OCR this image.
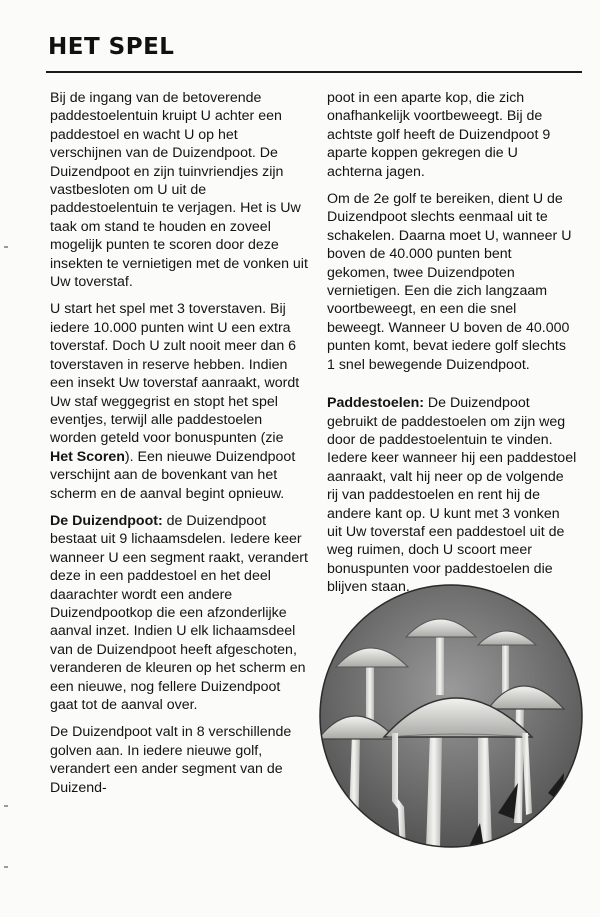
HET SPEL

Bij de ingang van de betoverende paddestoelentuin kruipt U achter een paddestoel en wacht U op het verschijnen van de Duizendpoot. De Duizendpoot en zijn tuinvriendjes zijn vastbesloten om U uit de paddestoelentuin te verjagen. Het is Uw taak om stand te houden en zoveel mogelijk punten te scoren door deze insekten te vernietigen met de vonken uit Uw toverstaf.

U start het spel met 3 toverstaven. Bij iedere 10.000 punten wint U een extra toverstaf. Doch U zult nooit meer dan 6 toverstaven in reserve hebben. Indien een insekt Uw toverstaf aanraakt, wordt Uw staf weggegrist en stopt het spel eventjes, terwijl alle paddestoelen worden geteld voor bonuspunten (zie Het Scoren). Een nieuwe Duizendpoot verschijnt aan de bovenkant van het scherm en de aanval begint opnieuw.

De Duizendpoot: de Duizendpoot bestaat uit 9 lichaamsdelen. Iedere keer wanneer U een segment raakt, verandert deze in een paddestoel en het deel daarachter wordt een andere Duizendpootkop die een afzonderlijke aanval inzet. Indien U elk lichaamsdeel van de Duizendpoot heeft afgeschoten, veranderen de kleuren op het scherm en een nieuwe, nog fellere Duizendpoot gaat tot de aanval over.

De Duizendpoot valt in 8 verschillende golven aan. In iedere nieuwe golf, verandert een ander segment van de Duizend-

poot in een aparte kop, die zich onafhankelijk voortbeweegt. Bij de achtste golf heeft de Duizendpoot 9 aparte koppen gekregen die U achterna jagen.

Om de 2e golf te bereiken, dient U de Duizendpoot slechts eenmaal uit te schakelen. Daarna moet U, wanneer U boven de 40.000 punten bent gekomen, twee Duizendpoten vernietigen. Een die zich langzaam voortbeweegt, en een die snel beweegt. Wanneer U boven de 40.000 punten komt, bevat iedere golf slechts 1 snel bewegende Duizendpoot.

Paddestoelen: De Duizendpoot gebruikt de paddestoelen om zijn weg door de paddestoelentuin te vinden. Iedere keer wanneer hij een paddestoel aanraakt, valt hij neer op de volgende rij van paddestoelen en rent hij de andere kant op. U kunt met 3 vonken uit Uw toverstaf een paddestoel uit de weg ruimen, doch U scoort meer bonuspunten voor paddestoelen die blijven staan.
